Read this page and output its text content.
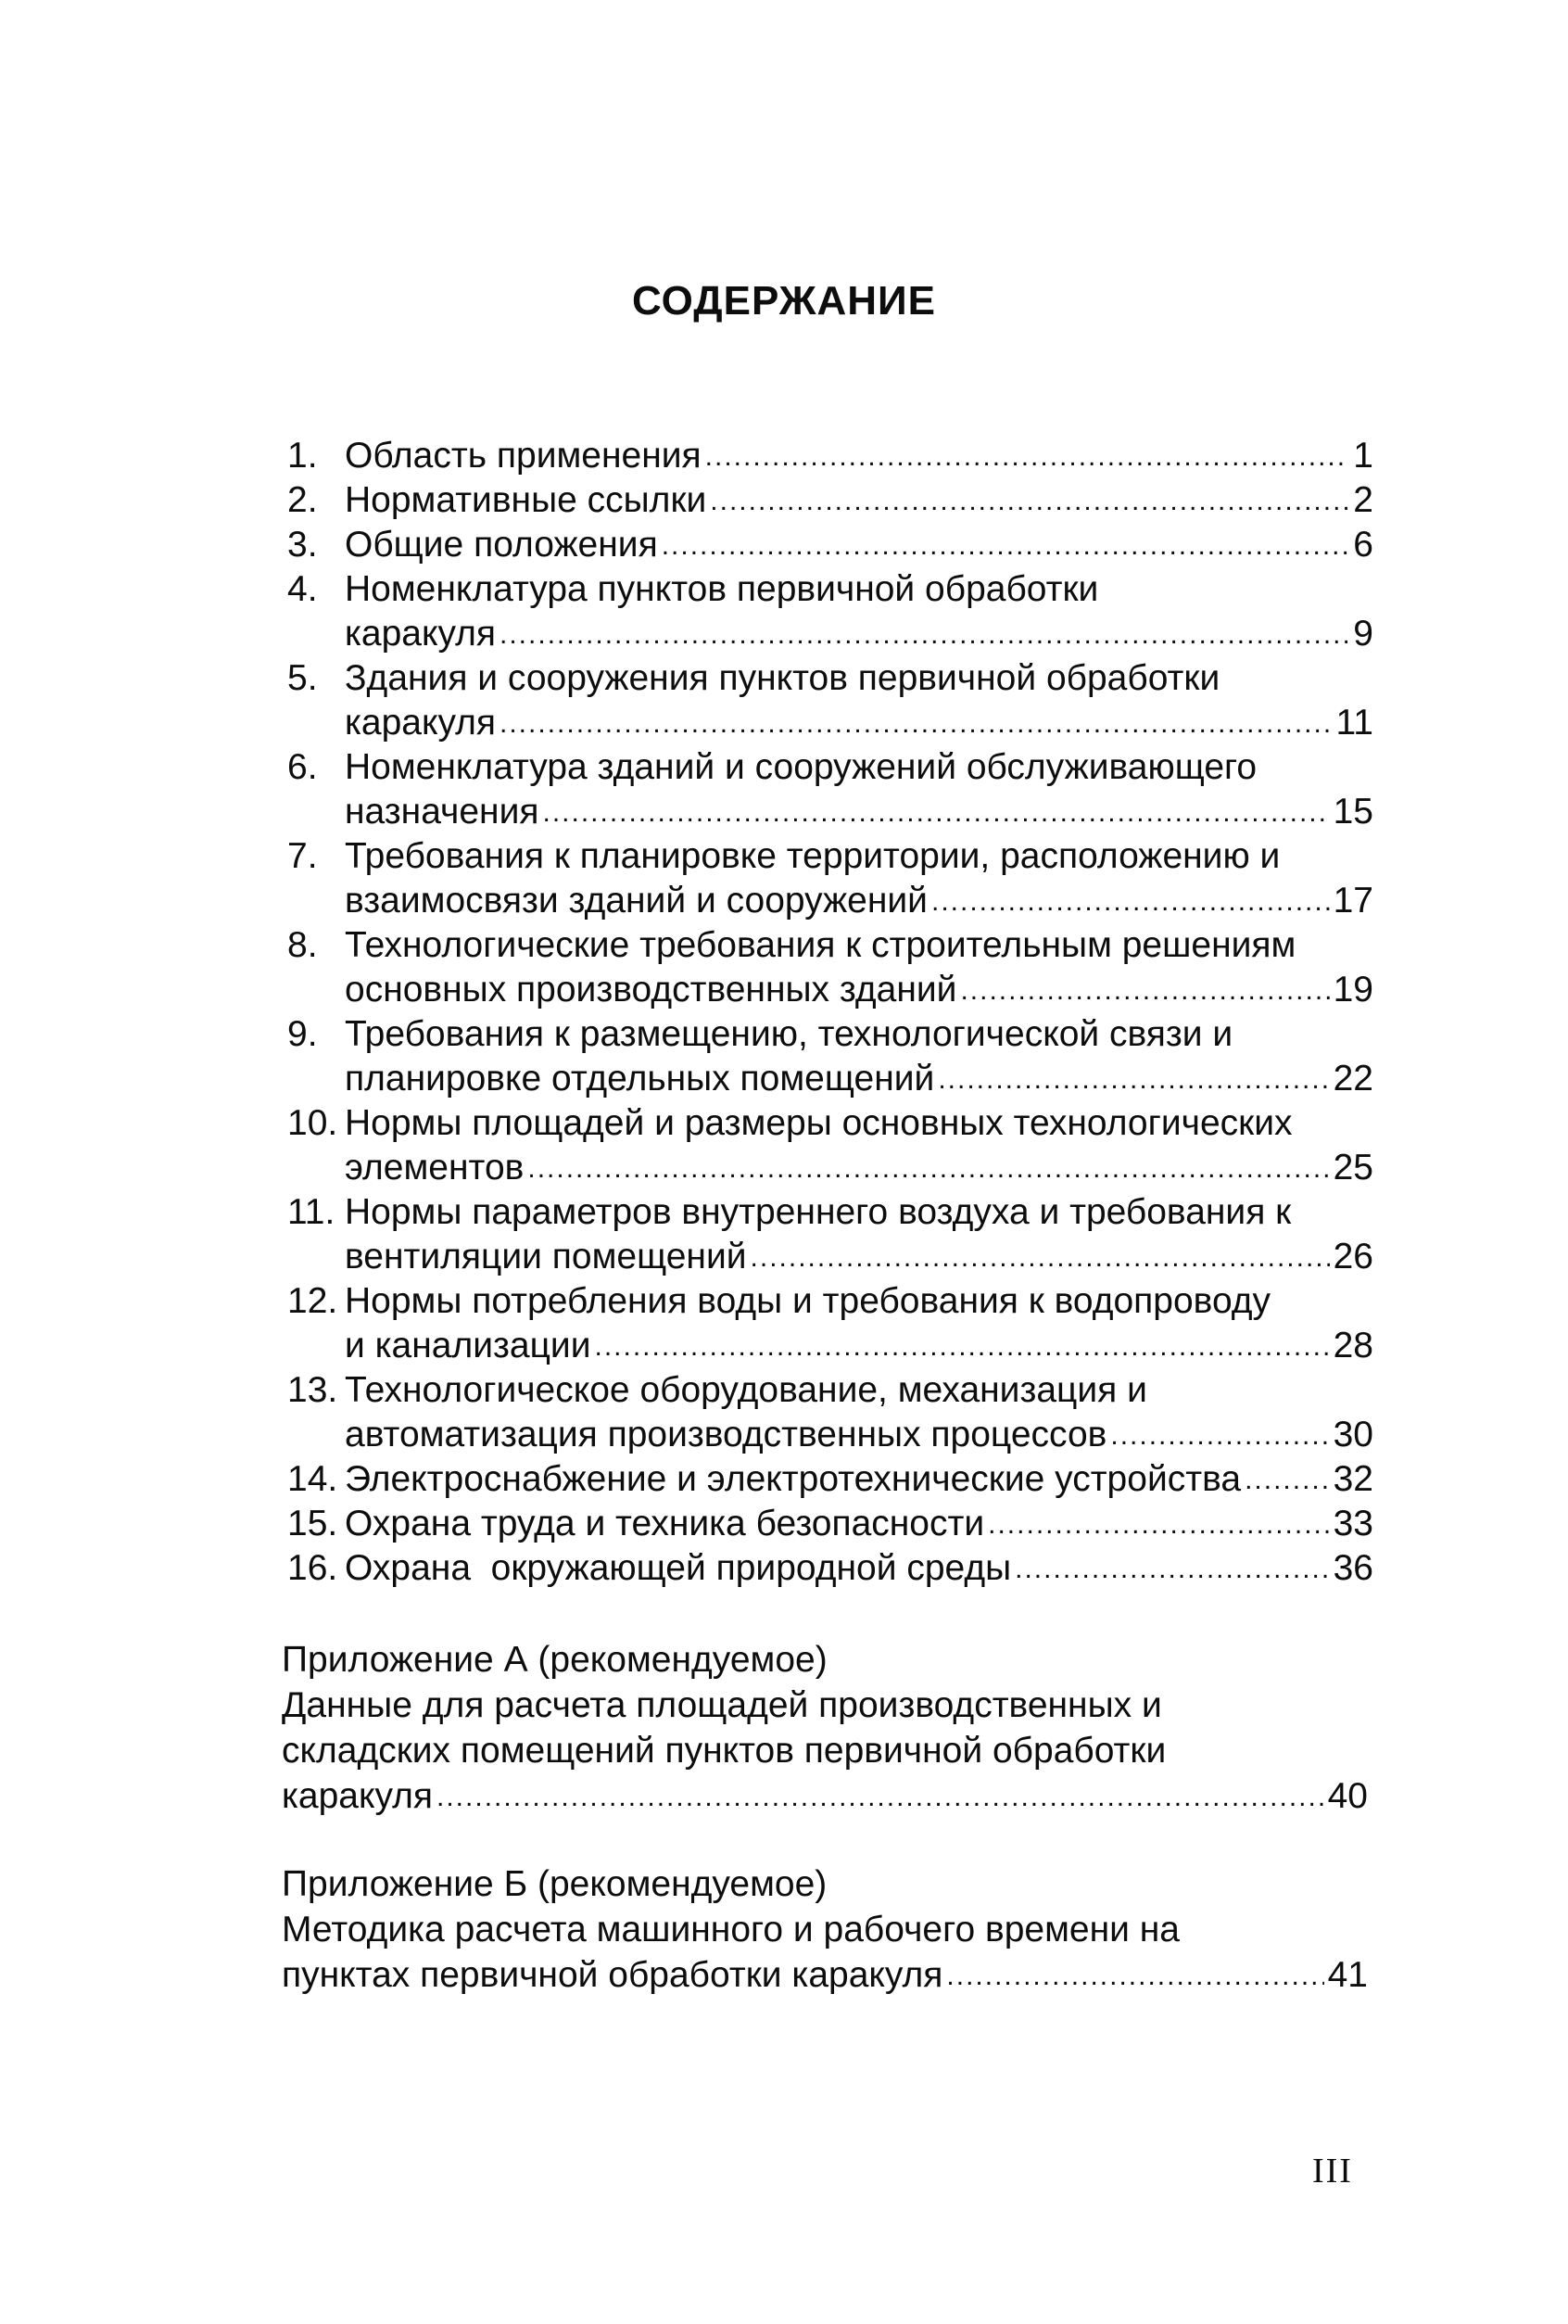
СОДЕРЖАНИЕ
1. Область применения .....	1
2. Нормативные ссылки .....	2
3. Общие положения .....	6
4. Номенклатура пунктов первичной обработки
каракуля .....	9
5. Здания и сооружения пунктов первичной обработки
каракуля .....	11
6. Номенклатура зданий и сооружений обслуживающего
назначения .....	15
7. Требования к планировке территории, расположению и
взаимосвязи зданий и сооружений .....	17
8. Технологические требования к строительным решениям
основных производственных зданий .....	19
9. Требования к размещению, технологической связи и
планировке отдельных помещений .....	22
10. Нормы площадей и размеры основных технологических
элементов .....	25
11. Нормы параметров внутреннего воздуха и требования к
вентиляции помещений .....	26
12. Нормы потребления воды и требования к водопроводу
и канализации .....	28
13. Технологическое оборудование, механизация и
автоматизация производственных процессов .....	30
14. Электроснабжение и электротехнические устройства .....	32
15. Охрана труда и техника безопасности .....	33
16. Охрана  окружающей природной среды .....	36
Приложение А (рекомендуемое)
Данные для расчета площадей производственных и
складских помещений пунктов первичной обработки
каракуля .....	40
Приложение Б (рекомендуемое)
Методика расчета машинного и рабочего времени на
пунктах первичной обработки каракуля .....	41
III
